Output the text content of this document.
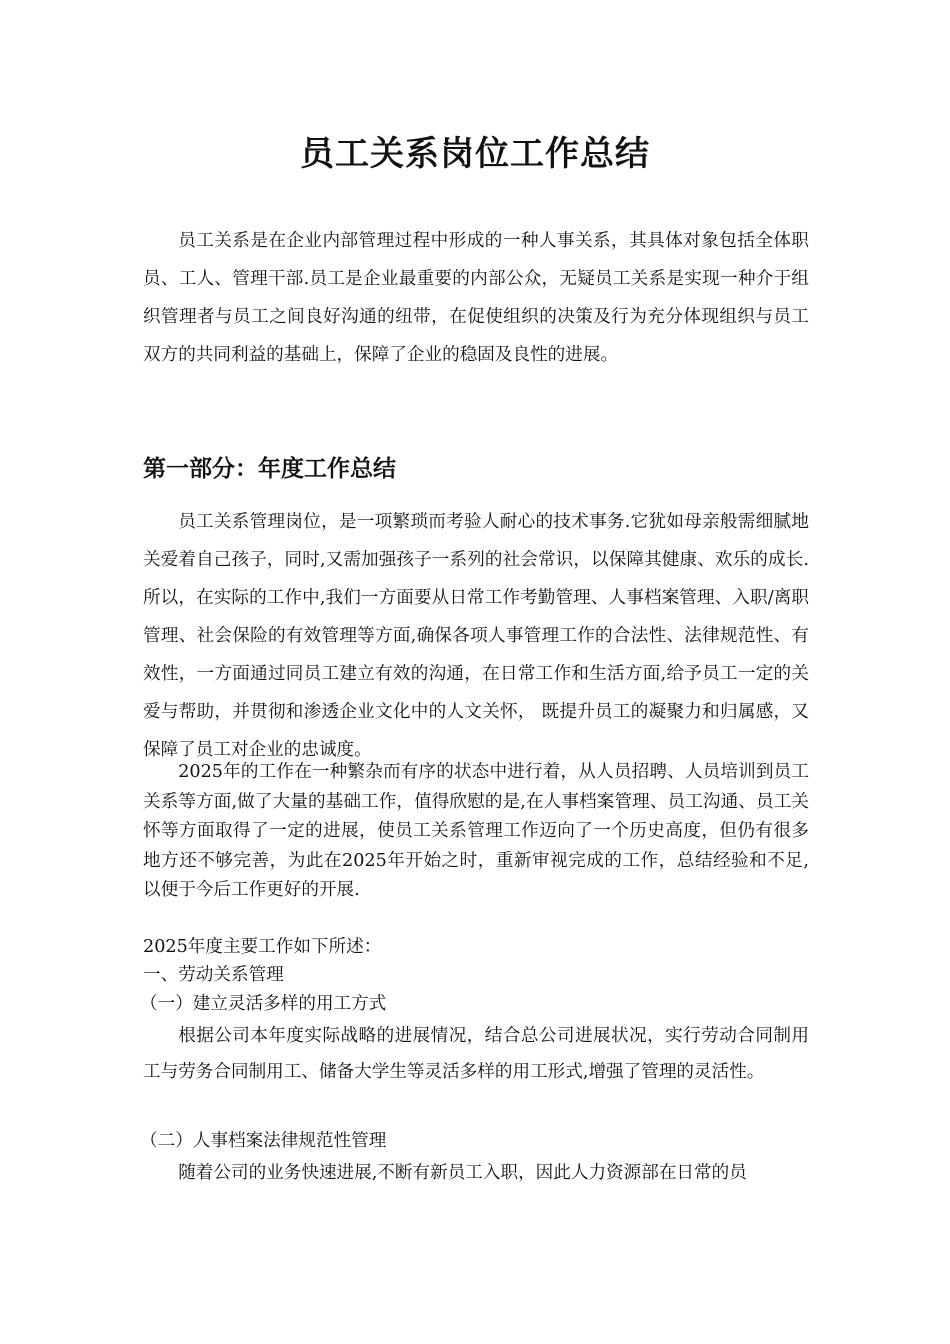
员工关系岗位工作总结

员工关系是在企业内部管理过程中形成的一种人事关系，其具体对象包括全体职员、工人、管理干部.员工是企业最重要的内部公众，无疑员工关系是实现一种介于组织管理者与员工之间良好沟通的纽带，在促使组织的决策及行为充分体现组织与员工双方的共同利益的基础上，保障了企业的稳固及良性的进展。

第一部分：年度工作总结

员工关系管理岗位，是一项繁琐而考验人耐心的技术事务.它犹如母亲般需细腻地关爱着自己孩子，同时,又需加强孩子一系列的社会常识，以保障其健康、欢乐的成长.所以，在实际的工作中,我们一方面要从日常工作考勤管理、人事档案管理、入职/离职管理、社会保险的有效管理等方面,确保各项人事管理工作的合法性、法律规范性、有效性，一方面通过同员工建立有效的沟通，在日常工作和生活方面,给予员工一定的关爱与帮助，并贯彻和渗透企业文化中的人文关怀， 既提升员工的凝聚力和归属感，又保障了员工对企业的忠诚度。

2025年的工作在一种繁杂而有序的状态中进行着，从人员招聘、人员培训到员工关系等方面,做了大量的基础工作，值得欣慰的是,在人事档案管理、员工沟通、员工关怀等方面取得了一定的进展，使员工关系管理工作迈向了一个历史高度，但仍有很多地方还不够完善，为此在2025年开始之时，重新审视完成的工作，总结经验和不足,以便于今后工作更好的开展.

2025年度主要工作如下所述：

一、劳动关系管理

（一）建立灵活多样的用工方式

根据公司本年度实际战略的进展情况，结合总公司进展状况，实行劳动合同制用工与劳务合同制用工、储备大学生等灵活多样的用工形式,增强了管理的灵活性。

（二）人事档案法律规范性管理

随着公司的业务快速进展,不断有新员工入职，因此人力资源部在日常的员
